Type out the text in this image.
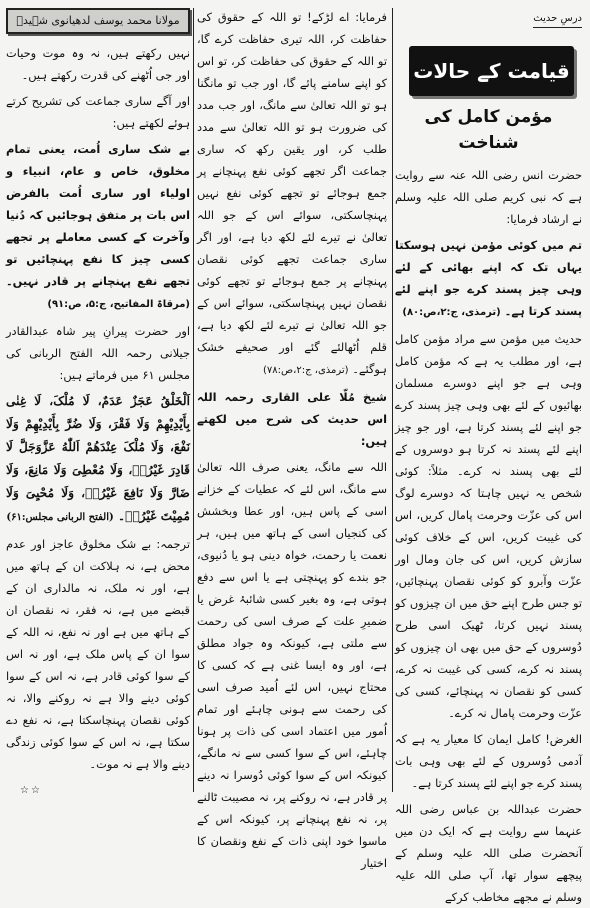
درسِ حدیث
قیامت کے حالات
مؤمن کامل کی شناخت

حضرت انس رضی اللہ عنہ سے روایت ہے کہ نبی کریم صلی اللہ علیہ وسلم نے ارشاد فرمایا:

تم میں کوئی مؤمن نہیں ہوسکتا یہاں تک کہ اپنے بھائی کے لئے وہی چیز پسند کرے جو اپنے لئے پسند کرتا ہے۔ (ترمذی، ج:۲،ص:۸۰)

حدیث میں مؤمن سے مراد مؤمن کامل ہے، اور مطلب یہ ہے کہ مؤمن کامل وہی ہے جو اپنے دوسرے مسلمان بھائیوں کے لئے بھی وہی چیز پسند کرے جو اپنے لئے پسند کرتا ہے، اور جو چیز اپنے لئے پسند نہ کرتا ہو دوسروں کے لئے بھی پسند نہ کرے۔ مثلاً: کوئی شخص یہ نہیں چاہتا کہ دوسرے لوگ اس کی عزّت وحرمت پامال کریں، اس کی غیبت کریں، اس کے خلاف کوئی سازش کریں، اس کی جان ومال اور عزّت وآبرو کو کوئی نقصان پہنچائیں، تو جس طرح اپنے حق میں ان چیزوں کو پسند نہیں کرتا، ٹھیک اسی طرح دُوسروں کے حق میں بھی ان چیزوں کو پسند نہ کرے، کسی کی غیبت نہ کرے، کسی کو نقصان نہ پہنچائے، کسی کی عزّت وحرمت پامال نہ کرے۔

الغرض! کامل ایمان کا معیار یہ ہے کہ آدمی دُوسروں کے لئے بھی وہی بات پسند کرے جو اپنے لئے پسند کرتا ہے۔

حضرت عبداللہ بن عباس رضی اللہ عنہما سے روایت ہے کہ ایک دن میں آنحضرت صلی اللہ علیہ وسلم کے پیچھے سوار تھا، آپ صلی اللہ علیہ وسلم نے مجھے مخاطب کرکے

فرمایا: اے لڑکے! تو اللہ کے حقوق کی حفاظت کر، اللہ تیری حفاظت کرے گا، تو اللہ کے حقوق کی حفاظت کر، تو اس کو اپنے سامنے پائے گا، اور جب تو مانگنا ہو تو اللہ تعالیٰ سے مانگ، اور جب مدد کی ضرورت ہو تو اللہ تعالیٰ سے مدد طلب کر، اور یقین رکھ کہ ساری جماعت اگر تجھے کوئی نفع پہنچانے پر جمع ہوجائے تو تجھے کوئی نفع نہیں پہنچاسکتی، سوائے اس کے جو اللہ تعالیٰ نے تیرے لئے لکھ دیا ہے، اور اگر ساری جماعت تجھے کوئی نقصان پہنچانے پر جمع ہوجائے تو تجھے کوئی نقصان نہیں پہنچاسکتی، سوائے اس کے جو اللہ تعالیٰ نے تیرے لئے لکھ دیا ہے، قلم اُٹھالئے گئے اور صحیفے خشک ہوگئے۔ (ترمذی، ج:۲،ص:۷۸)

شیخ مُلّا علی القاری رحمہ اللہ اس حدیث کی شرح میں لکھتے ہیں:

اللہ سے مانگ، یعنی صرف اللہ تعالیٰ سے مانگ، اس لئے کہ عطیات کے خزانے اسی کے پاس ہیں، اور عطا وبخشش کی کنجیاں اسی کے ہاتھ میں ہیں، ہر نعمت یا رحمت، خواہ دینی ہو یا دُنیوی، جو بندے کو پہنچتی ہے یا اس سے دفع ہوتی ہے، وہ بغیر کسی شائبۂ غرض یا ضمیرِ علت کے صرف اسی کی رحمت سے ملتی ہے، کیونکہ وہ جواد مطلق ہے، اور وہ ایسا غنی ہے کہ کسی کا محتاج نہیں، اس لئے اُمید صرف اسی کی رحمت سے ہونی چاہئے اور تمام اُمور میں اعتماد اسی کی ذات پر ہونا چاہئے، اس کے سوا کسی سے نہ مانگے، کیونکہ اس کے سوا کوئی دُوسرا نہ دینے پر قادر ہے، نہ روکنے پر، نہ مصیبت ٹالنے پر، نہ نفع پہنچانے پر، کیونکہ اس کے ماسوا خود اپنی ذات کے نفع ونقصان کا اختیار

مولانا محمد یوسف لدھیانوی شہیدؒ

نہیں رکھتے ہیں، نہ وہ موت وحیات اور جی اُٹھنے کی قدرت رکھتے ہیں۔

اور آگے ساری جماعت کی تشریح کرتے ہوئے لکھتے ہیں:

بے شک ساری اُمت، یعنی تمام مخلوق، خاص و عام، انبیاء و اولیاء اور ساری اُمت بالفرض اس بات پر متفق ہوجائیں کہ دُنیا وآخرت کے کسی معاملے پر تجھے کسی چیز کا نفع پہنچائیں تو تجھے نفع پہنچانے پر قادر نہیں۔ (مرقاۃ المفاتیح، ج:۵، ص:۹۱)

اور حضرت پیرانِ پیر شاہ عبدالقادر جیلانی رحمہ اللہ الفتح الربانی کی مجلس ۶۱ میں فرماتے ہیں:

اَلْخَلْقُ عَجَزٌ عَدَمٌ، لَا مُلْکَ، لَا غِنٰی بِأَیْدِیْهِمْ وَلَا فَقْرَ، وَلَا ضُرَّ بِأَیْدِیْهِمْ وَلَا نَفْعَ، وَلَا مُلْکَ عِنْدَهُمْ اَللّٰهُ عَزَّوَجَلَّ لَا قَادِرَ غَیْرُہٗ، وَلَا مُعْطِیَ وَلَا مَانِعَ، وَلَا ضَارَّ وَلَا نَافِعَ غَیْرُہٗ، وَلَا مُحْیِیَ وَلَا مُمِیْتَ غَیْرُہٗ۔ (الفتح الربانی مجلس:۶۱)

ترجمہ: بے شک مخلوق عاجز اور عدم محض ہے، نہ ہلاکت ان کے ہاتھ میں ہے، اور نہ ملک، نہ مالداری ان کے قبضے میں ہے، نہ فقر، نہ نقصان ان کے ہاتھ میں ہے اور نہ نفع، نہ اللہ کے سوا ان کے پاس ملک ہے، اور نہ اس کے سوا کوئی قادر ہے، نہ اس کے سوا کوئی دینے والا ہے نہ روکنے والا، نہ کوئی نقصان پہنچاسکتا ہے، نہ نفع دے سکتا ہے، نہ اس کے سوا کوئی زندگی دینے والا ہے نہ موت۔

☆☆
